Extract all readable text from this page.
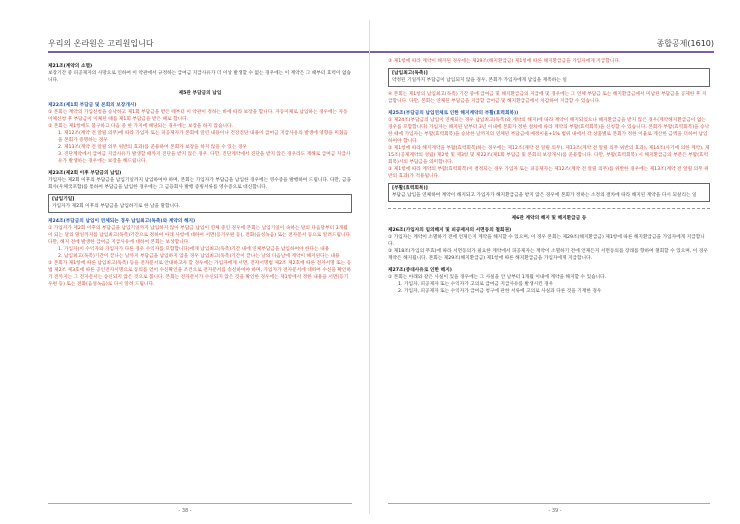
우리의 온라원은 고리원입니다
제21조(계약의 소멸)
보장기간 중 피공제자의 사망으로 인하여 이 약관에서 규정하는 급여금 지급사유가 더 이상 발생할 수 없는 경우에는 이 계약은 그 때부터 효력이 없습니다.
제5관 부담금의 납입
제22조(제1회 부담금 및 본회의 보장개시)
① 본회는 계약의 가입신청을 승낙하고 제1회 부담금을 받은 때부터 이 약관이 정하는 바에 따라 보장을 합니다. 자동이체로 납입하는 경우에는 자동이체신청 후 부담금이 이체된 때를 제1회 부담금을 받은 때로 합니다.
② 본회는 제1항에도 불구하고 다음 중 한 가지에 해당되는 경우에는 보장을 하지 않습니다.
1. 제12조(계약 전 알릴 의무)에 따라 가입자 또는 피공제자가 본회에 알린 내용이나 건강진단 내용이 급여금 지급사유의 발생에 영향을 미쳤음을 본회가 증명하는 경우
2. 제13조(계약 전 알릴 의무 위반의 효과)를 준용하여 본회가 보장을 하지 않을 수 있는 경우
3. 진단계약에서 급여금 지급사유가 발생할 때까지 진단을 받지 않은 경우. 다만, 진단계약에서 진단을 받지 않은 경우라도 재해로 급여금 지급사유가 발생하는 경우에는 보장을 해드립니다.
제23조(제2회 이후 부담금의 납입)
가입자는 제2회 이후의 부담금을 납입기일까지 납입하여야 하며, 본회는 가입자가 부담금을 납입한 경우에는 영수증을 발행하여 드립니다. 다만, 금융회사(우체국포함)를 통하여 부담금을 납입한 경우에는 그 금융회사 발행 증빙서류를 영수증으로 대신합니다.
[납입기일]
가입자가 제2회 이후의 부담금을 납입하기로 한 날을 말합니다.
제24조(부담금의 납입이 연체되는 경우 납입최고(독촉)와 계약의 해지)
① 가입자가 제2회 이후의 부담금을 납입기일까지 납입하지 않아 부담금 납입이 연체 중인 경우에 본회는 납입기일이 속하는 달의 다음달부터 3개월이 되는 달의 말일까지를 납입최고(독촉)기간으로 정하여 아래 사항에 대하여 서면(등기우편 등), 전화(음성녹음) 또는 전자문서 등으로 알려드립니다. 다만, 해지 전에 발생한 급여금 지급사유에 대하여 본회는 보상합니다.
1. 가입자(이 수익자와 가입자가 다른 경우 수익자를 포함합니다)에게 납입최고(독촉)기간 내에 연체부담금을 납입하여야 한다는 내용
2. 납입최고(독촉)기간이 끝나는 날까지 부담금을 납입하지 않을 경우 납입최고(독촉)기간이 끝나는 날의 다음날에 계약이 해지된다는 내용
② 본회가 제1항에 따른 납입최고(독촉) 등을 전자문서로 안내하고자 할 경우에는 가입자에게 서면, 전자서명법 제2조 제2호에 따른 전자서명 또는 동법 제2조 제3호에 따른 공인전자서명으로 동의를 얻어 수신확인을 조건으로 전자문서를 송신하여야 하며, 가입자가 전자문서에 대하여 수신을 확인하기 전까지는 그 전자문서는 송신되지 않은 것으로 봅니다. 본회는 전자문서가 수신되지 않은 것을 확인한 경우에는 제1항에서 정한 내용을 서면(등기우편 등) 또는 전화(음성녹음)로 다시 알려 드립니다.
- 38 -
종합공제(1610)
③ 제1항에 따라 계약이 해지된 경우에는 제29조(해지환급금) 제1항에 따른 해지환급금을 가입자에게 지급합니다.
[납입최고(독촉)]
약정된 기일까지 부담금이 납입되지 않을 경우, 본회가 가입자에게 납입을 재촉하는 일
④ 본회는 제1항의 납입최고(독촉) 기간 중에 급여금 및 해지환급금의 지급에 및 경우에는 그 연체 부담금 또는 해지환급금에서 미납된 부담금을 공제한 후 지급합니다. 다만, 본회는 연체된 부담금을 지급할 급여금 및 해지환급금에서 차감하여 지급할 수 있습니다.
제25조(부담금의 납입연체로 인한 해지계약의 부활(효력회복))
① 제24조(부담금의 납입이 연체되는 경우 납입최고(독촉)와 계약의 해지)에 따라 계약이 해지되었으나 해지환급금을 받지 않은 경우(계약해지환급금이 없는 경우를 포함합니다) 가입자는 해지된 날부터 3년 이내에 본회가 정한 절차에 따라 계약의 부활(효력회복)을 신청할 수 있습니다. 본회가 부활(효력회복)을 승낙한 때에 가입자는 부활(효력회복)을 승낙한 날까지의 연체된 부담금에 예정이율+1% 범위 내에서 각 상품별로 본회가 정한 이율로 계산한 금액을 더하여 납입하여야 합니다.
② 제1항에 따라 해지계약을 부활(효력회복)하는 경우에는 제12조(계약 전 알릴 의무), 제13조(계약 전 알릴 의무 위반의 효과), 제14조(사기에 의한 계약), 제15조(공제계약의 성립) 제2항 및 제3항 및 제22조(제1회 부담금 및 본회의 보장개시)를 준용합니다. 다만, 부활(효력회복) 시 해지환급금의 부분은 부활(효력회복)시의 부담금을 의미합니다.
③ 제1항에 따라 계약의 부활(효력회복)이 결정되는 경우 가입자 또는 피공제자는 제12조(계약 전 알릴 의무)를 위반한 경우에는 제13조(계약 전 알릴 의무 위반의 효과)가 적용됩니다.
[부활(효력회복)]
부담금 납입을 연체하여 계약이 해지되고 가입자가 해지환급금을 받지 않은 경우에 본회가 정하는 소정의 절차에 따라 해지된 계약을 다시 되살리는 일
제6관 계약의 해지 및 해지환급금 등
제26조(가입자의 임의해지 및 피공제자의 서면동의 철회권)
① 가입자는 계약이 소멸하기 전에 언제든지 계약을 해지할 수 있으며, 이 경우 본회는 제29조(해지환급금) 제1항에 따른 해지환급금을 가입자에게 지급합니다.
② 제18조(가입의 무효)에 따라 서면동의가 필요한 계약에서 피공제자는 계약이 소멸하기 전에 언제든지 서면동의를 장래를 향하여 철회할 수 있으며, 이 경우 계약은 해지됩니다. 본회는 제29조(해지환급금) 제1항에 따른 해지환급금을 가입자에게 지급합니다.
제27조(중대사유로 인한 해지)
① 본회는 아래와 같은 사실이 있을 경우에는 그 사실을 안 날부터 1개월 이내에 계약을 해지할 수 있습니다.
1. 가입자, 피공제자 또는 수익자가 고의로 급여금 지급사유를 발생시킨 경우
2. 가입자, 피공제자 또는 수익자가 급여금 청구에 관한 서류에 고의로 사실과 다른 것을 기재한 경우
- 39 -
